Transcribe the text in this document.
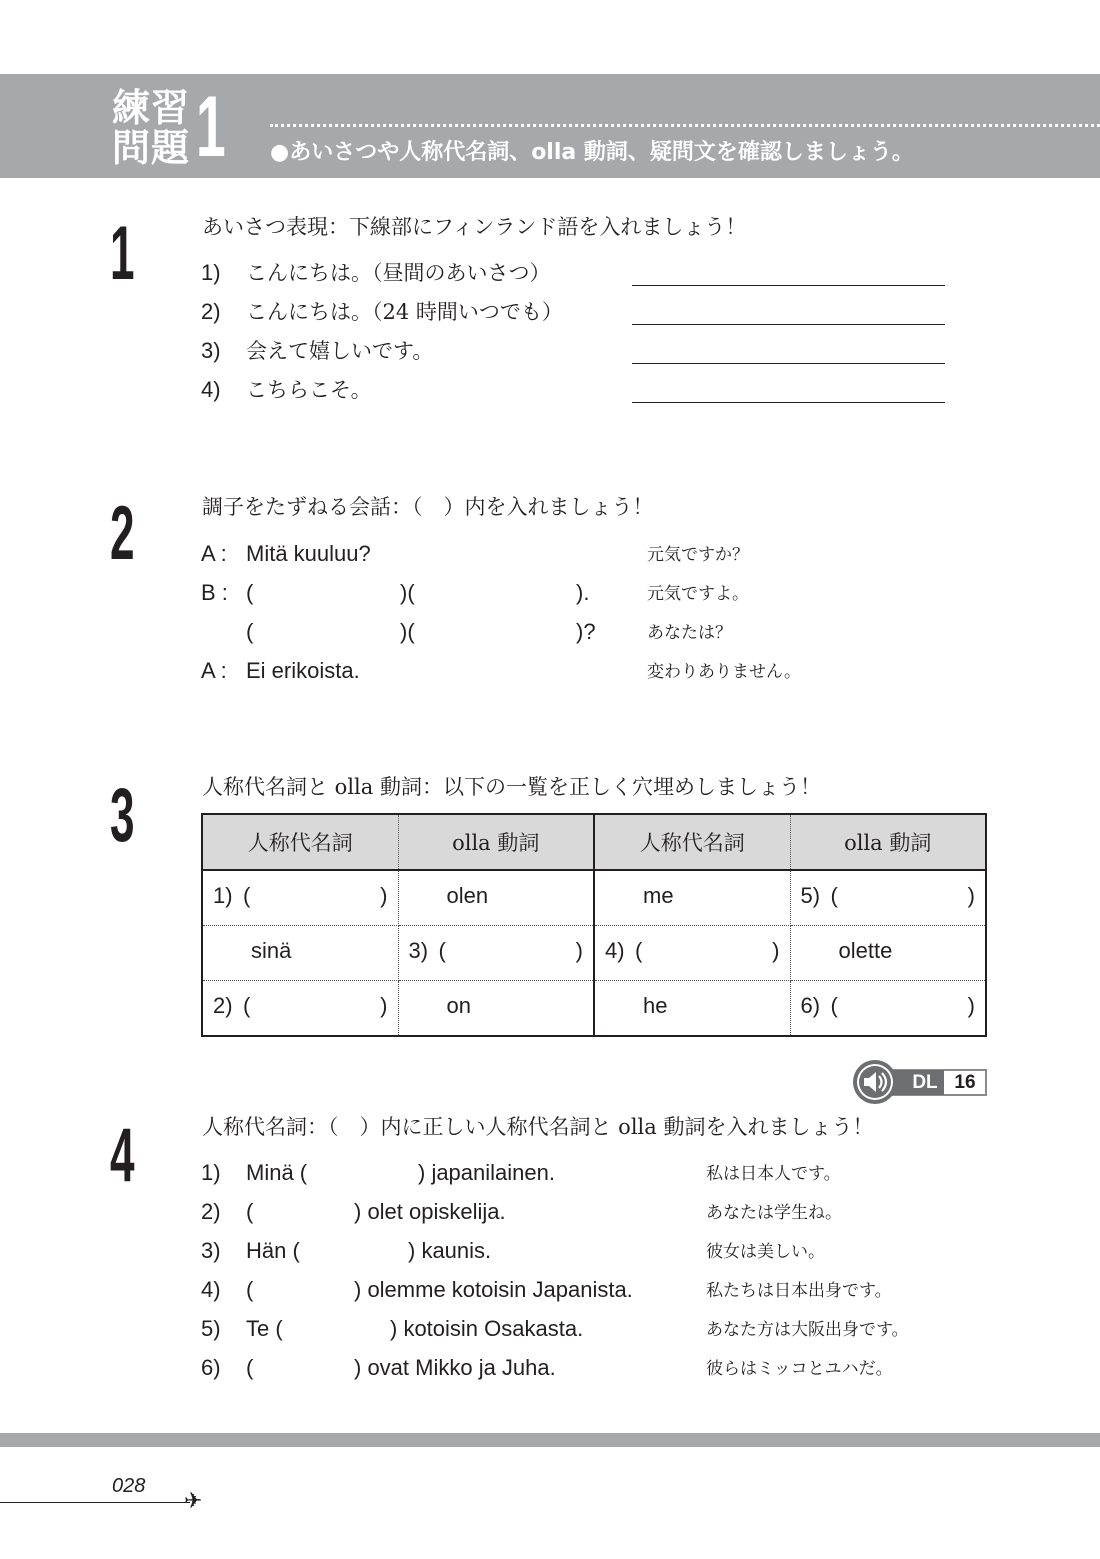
練習
問題 1 ●あいさつや人称代名詞、olla 動詞、疑問文を確認しましょう。
1	あいさつ表現：下線部にフィンランド語を入れましょう！
1) こんにちは。（昼間のあいさつ）
2) こんにちは。（24 時間いつでも）
3) 会えて嬉しいです。
4) こちらこそ。
2	調子をたずねる会話：（　）内を入れましょう！
A : Mitä kuuluu?	元気ですか？
B : (	)(	).	元気ですよ。
(	)(	)?	あなたは？
A : Ei erikoista.	変わりありません。
3	人称代名詞と olla 動詞：以下の一覧を正しく穴埋めしましょう！
人称代名詞	olla 動詞	人称代名詞	olla 動詞

1) ( )	olen	me	5) ( )

sinä	3) ( )	4) ( )	olette

2) ( )	on	he	6) ( )
DL 16
4	人称代名詞：（　）内に正しい人称代名詞と olla 動詞を入れましょう！
1) Minä (	) japanilainen.	私は日本人です。
2) (	) olet opiskelija.	あなたは学生ね。
3) Hän (	) kaunis.	彼女は美しい。
4) (	) olemme kotoisin Japanista.	私たちは日本出身です。
5) Te (	) kotoisin Osakasta.	あなた方は大阪出身です。
6) (	) ovat Mikko ja Juha.	彼らはミッコとユハだ。
028
✈
